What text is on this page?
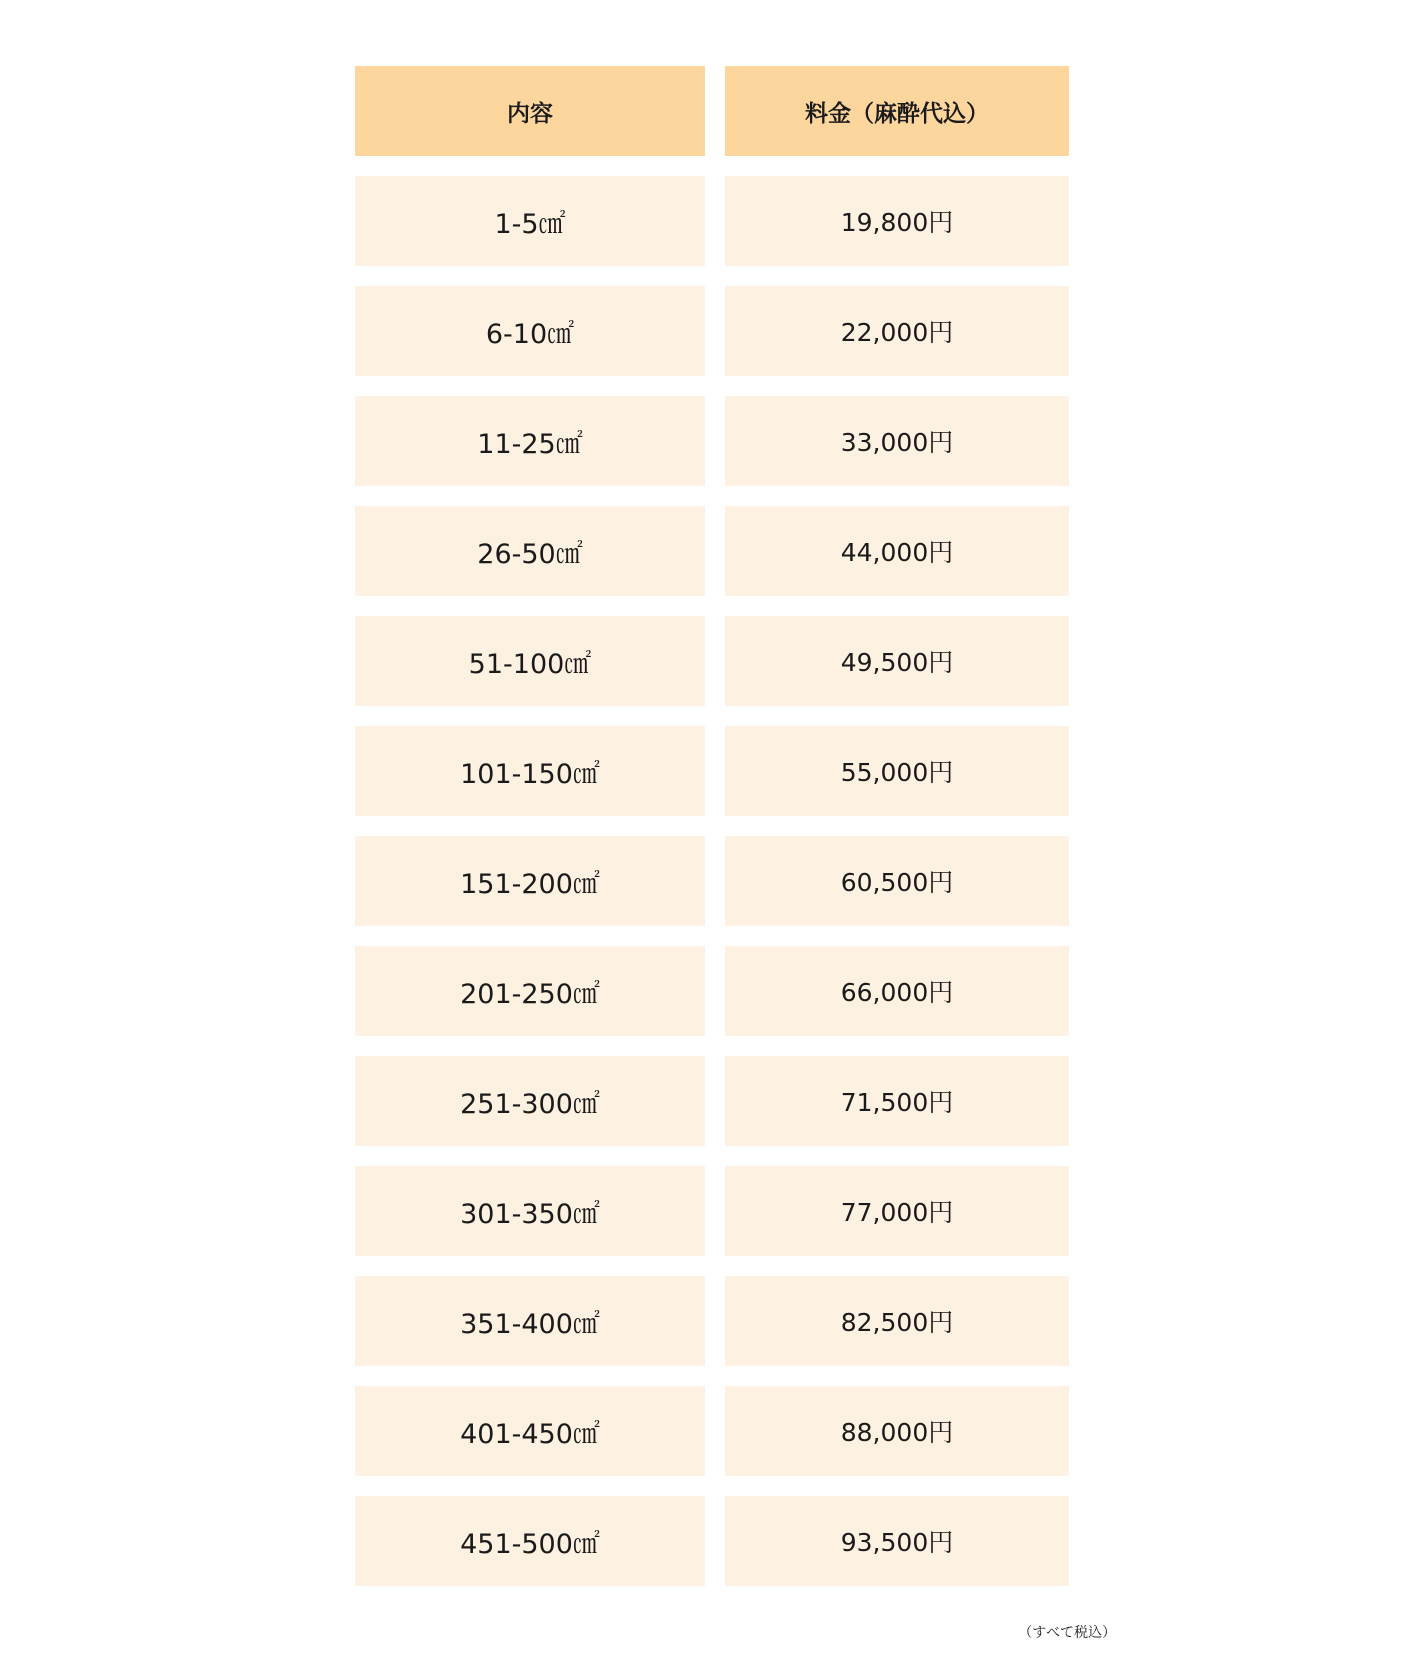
内容	料金（麻酔代込）
1-5㎠	19,800円
6-10㎠	22,000円
11-25㎠	33,000円
26-50㎠	44,000円
51-100㎠	49,500円
101-150㎠	55,000円
151-200㎠	60,500円
201-250㎠	66,000円
251-300㎠	71,500円
301-350㎠	77,000円
351-400㎠	82,500円
401-450㎠	88,000円
451-500㎠	93,500円
（すべて税込）
